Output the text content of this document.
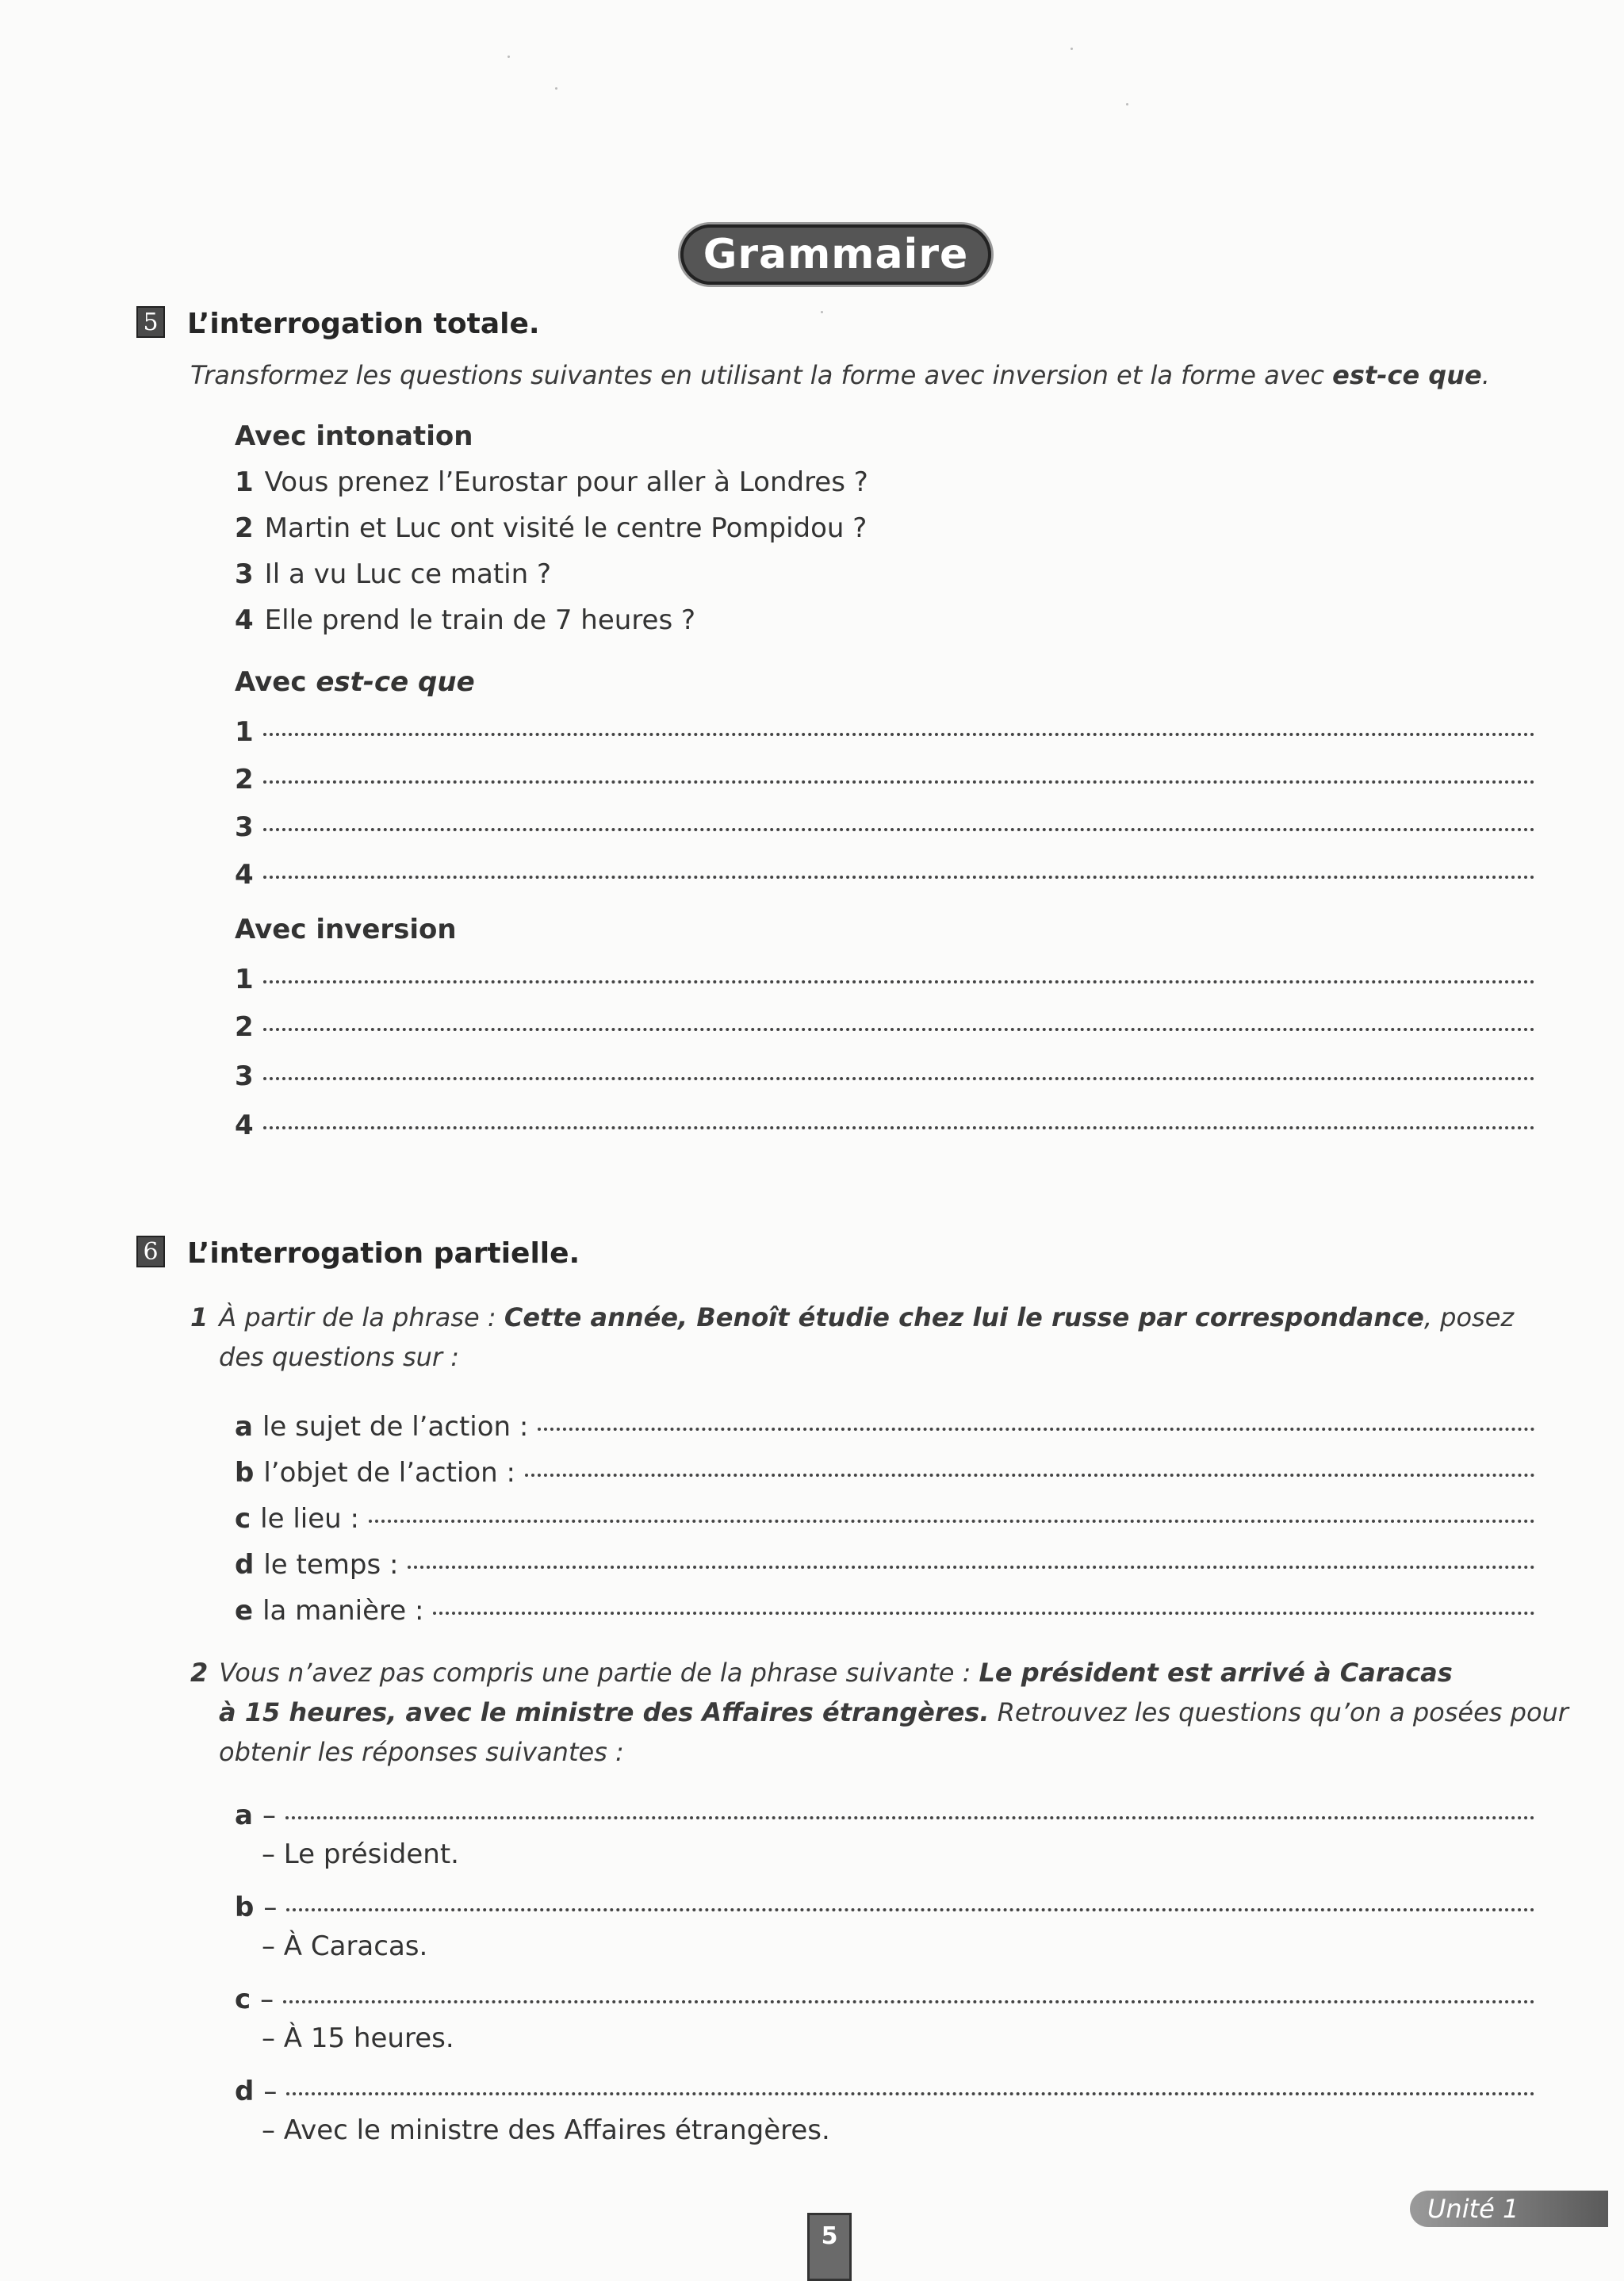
Grammaire
5 L’interrogation totale.
Transformez les questions suivantes en utilisant la forme avec inversion et la forme avec est-ce que.
Avec intonation
1 Vous prenez l’Eurostar pour aller à Londres ?
2 Martin et Luc ont visité le centre Pompidou ?
3 Il a vu Luc ce matin ?
4 Elle prend le train de 7 heures ?
Avec est-ce que
1
2
3
4
Avec inversion
1
2
3
4
6 L’interrogation partielle.
1 À partir de la phrase : Cette année, Benoît étudie chez lui le russe par correspondance, posez
des questions sur :
a le sujet de l’action :
b l’objet de l’action :
c le lieu :
d le temps :
e la manière :
2 Vous n’avez pas compris une partie de la phrase suivante : Le président est arrivé à Caracas
à 15 heures, avec le ministre des Affaires étrangères. Retrouvez les questions qu’on a posées pour
obtenir les réponses suivantes :
a –
– Le président.
b –
– À Caracas.
c –
– À 15 heures.
d –
– Avec le ministre des Affaires étrangères.
5
Unité 1
